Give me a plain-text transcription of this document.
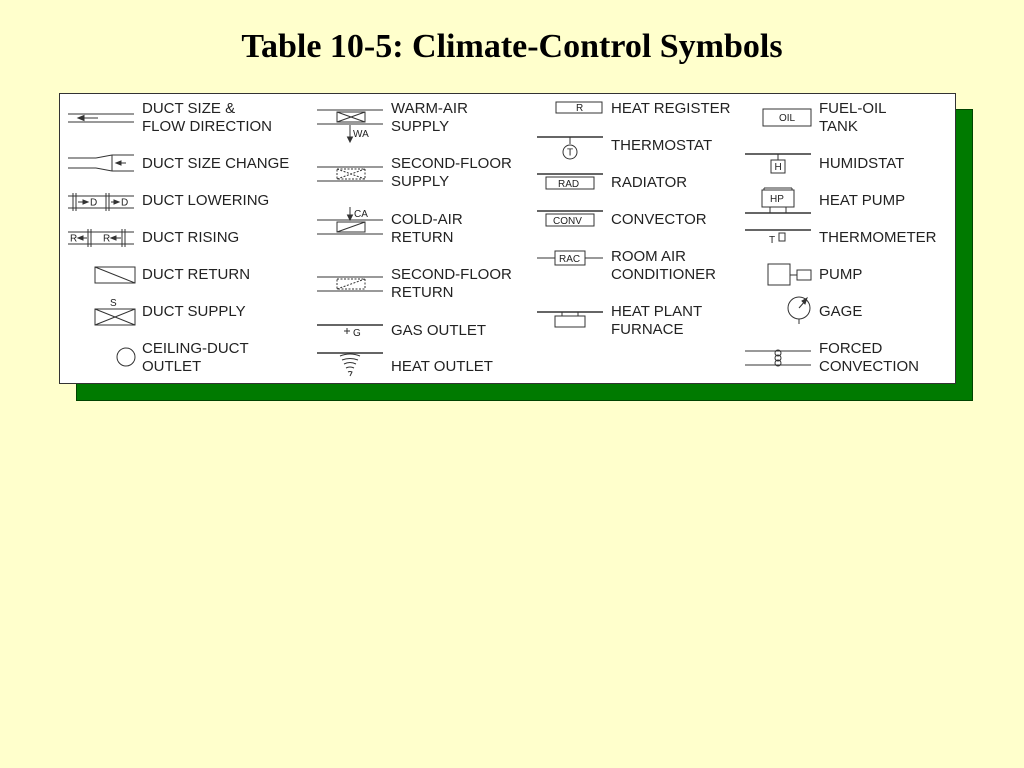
Table 10-5: Climate-Control Symbols
DUCT SIZE &
FLOW DIRECTION
DUCT SIZE CHANGE
DUCT LOWERING
DUCT RISING
DUCT RETURN
DUCT SUPPLY
CEILING-DUCT
OUTLET
WARM-AIR
SUPPLY
SECOND-FLOOR
SUPPLY
COLD-AIR
RETURN
SECOND-FLOOR
RETURN
GAS OUTLET
HEAT OUTLET
HEAT REGISTER
THERMOSTAT
RADIATOR
CONVECTOR
ROOM AIR
CONDITIONER
HEAT PLANT
FURNACE
FUEL-OIL
TANK
HUMIDSTAT
HEAT PUMP
THERMOMETER
PUMP
GAGE
FORCED
CONVECTION
D D
R	R
S
WA
CA
G
R
T
RAD
CONV
RAC
OIL
H
HP
T
